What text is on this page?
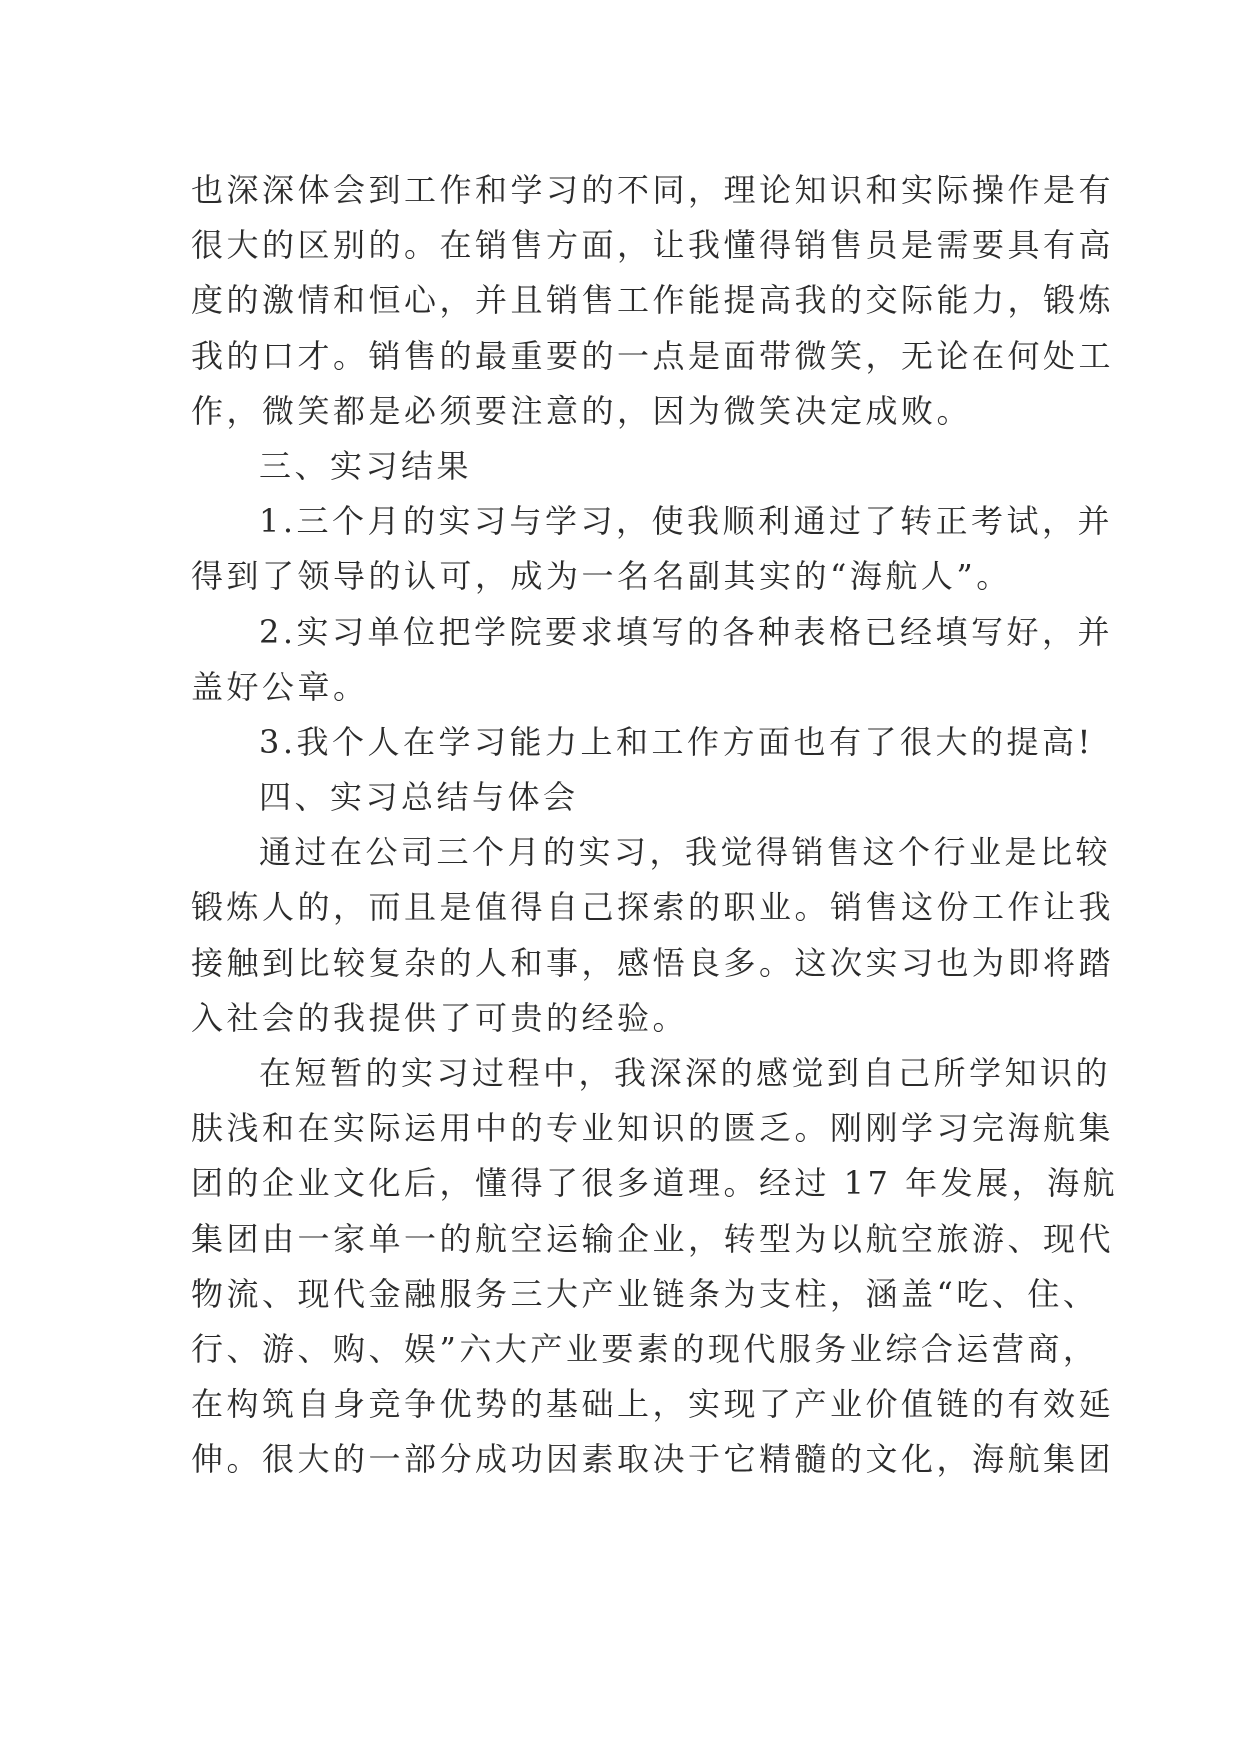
也深深体会到工作和学习的不同，理论知识和实际操作是有
很大的区别的。在销售方面，让我懂得销售员是需要具有高
度的激情和恒心，并且销售工作能提高我的交际能力，锻炼
我的口才。销售的最重要的一点是面带微笑，无论在何处工
作，微笑都是必须要注意的，因为微笑决定成败。
三、实习结果
1.三个月的实习与学习，使我顺利通过了转正考试，并
得到了领导的认可，成为一名名副其实的“海航人”。
2.实习单位把学院要求填写的各种表格已经填写好，并
盖好公章。
3.我个人在学习能力上和工作方面也有了很大的提高!
四、实习总结与体会
通过在公司三个月的实习，我觉得销售这个行业是比较
锻炼人的，而且是值得自己探索的职业。销售这份工作让我
接触到比较复杂的人和事，感悟良多。这次实习也为即将踏
入社会的我提供了可贵的经验。
在短暂的实习过程中，我深深的感觉到自己所学知识的
肤浅和在实际运用中的专业知识的匮乏。刚刚学习完海航集
团的企业文化后，懂得了很多道理。经过 17 年发展，海航
集团由一家单一的航空运输企业，转型为以航空旅游、现代
物流、现代金融服务三大产业链条为支柱，涵盖“吃、住、
行、游、购、娱”六大产业要素的现代服务业综合运营商，
在构筑自身竞争优势的基础上，实现了产业价值链的有效延
伸。很大的一部分成功因素取决于它精髓的文化，海航集团
